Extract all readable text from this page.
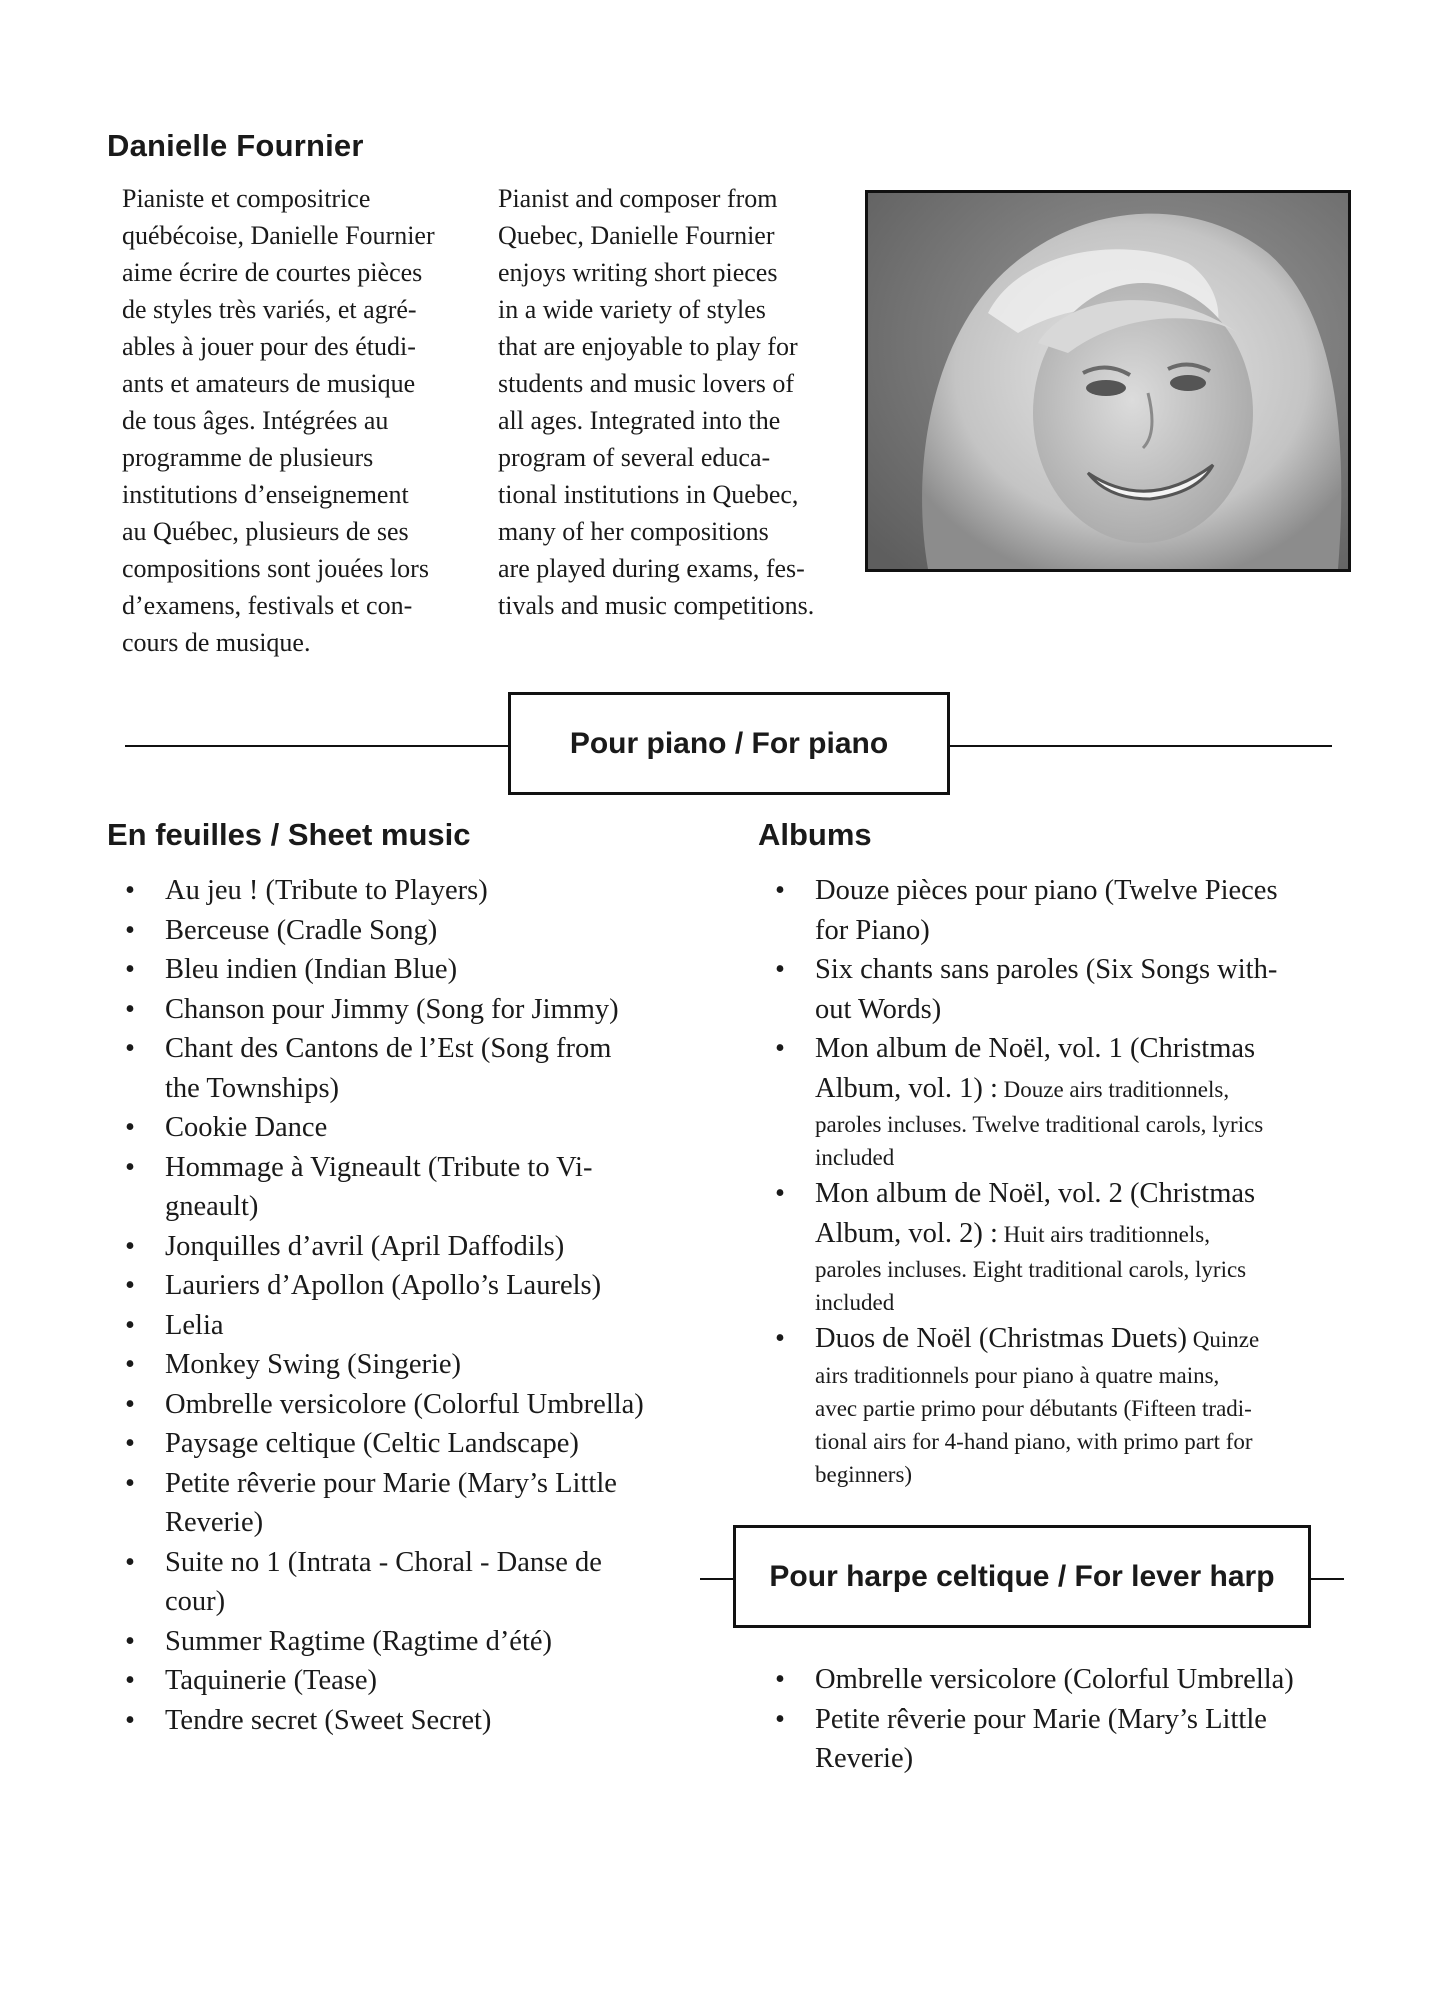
Danielle Fournier

Pianiste et compositrice
québécoise, Danielle Fournier
aime écrire de courtes pièces
de styles très variés, et agré-
ables à jouer pour des étudi-
ants et amateurs de musique
de tous âges. Intégrées au
programme de plusieurs
institutions d’enseignement
au Québec, plusieurs de ses
compositions sont jouées lors
d’examens, festivals et con-
cours de musique.

Pianist and composer from
Quebec, Danielle Fournier
enjoys writing short pieces
in a wide variety of styles
that are enjoyable to play for
students and music lovers of
all ages. Integrated into the
program of several educa-
tional institutions in Quebec,
many of her compositions
are played during exams, fes-
tivals and music competitions.

Pour piano / For piano
En feuilles / Sheet music	Albums
• Au jeu ! (Tribute to Players)
• Berceuse (Cradle Song)
• Bleu indien (Indian Blue)
• Chanson pour Jimmy (Song for Jimmy)
• Chant des Cantons de l’Est (Song from
the Townships)
• Cookie Dance
• Hommage à Vigneault (Tribute to Vi-
gneault)
• Jonquilles d’avril (April Daffodils)
• Lauriers d’Apollon (Apollo’s Laurels)
• Lelia
• Monkey Swing (Singerie)
• Ombrelle versicolore (Colorful Umbrella)
• Paysage celtique (Celtic Landscape)
• Petite rêverie pour Marie (Mary’s Little
Reverie)
• Suite no 1 (Intrata - Choral - Danse de
cour)
• Summer Ragtime (Ragtime d’été)
• Taquinerie (Tease)
• Tendre secret (Sweet Secret)
• Douze pièces pour piano (Twelve Pieces
for Piano)
• Six chants sans paroles (Six Songs with-
out Words)
• Mon album de Noël, vol. 1 (Christmas
Album, vol. 1) : Douze airs traditionnels,
paroles incluses. Twelve traditional carols, lyrics
included
• Mon album de Noël, vol. 2 (Christmas
Album, vol. 2) : Huit airs traditionnels,
paroles incluses. Eight traditional carols, lyrics
included
• Duos de Noël (Christmas Duets) Quinze
airs traditionnels pour piano à quatre mains,
avec partie primo pour débutants (Fifteen tradi-
tional airs for 4-hand piano, with primo part for
beginners)
Pour harpe celtique / For lever harp
• Ombrelle versicolore (Colorful Umbrella)
• Petite rêverie pour Marie (Mary’s Little
Reverie)
